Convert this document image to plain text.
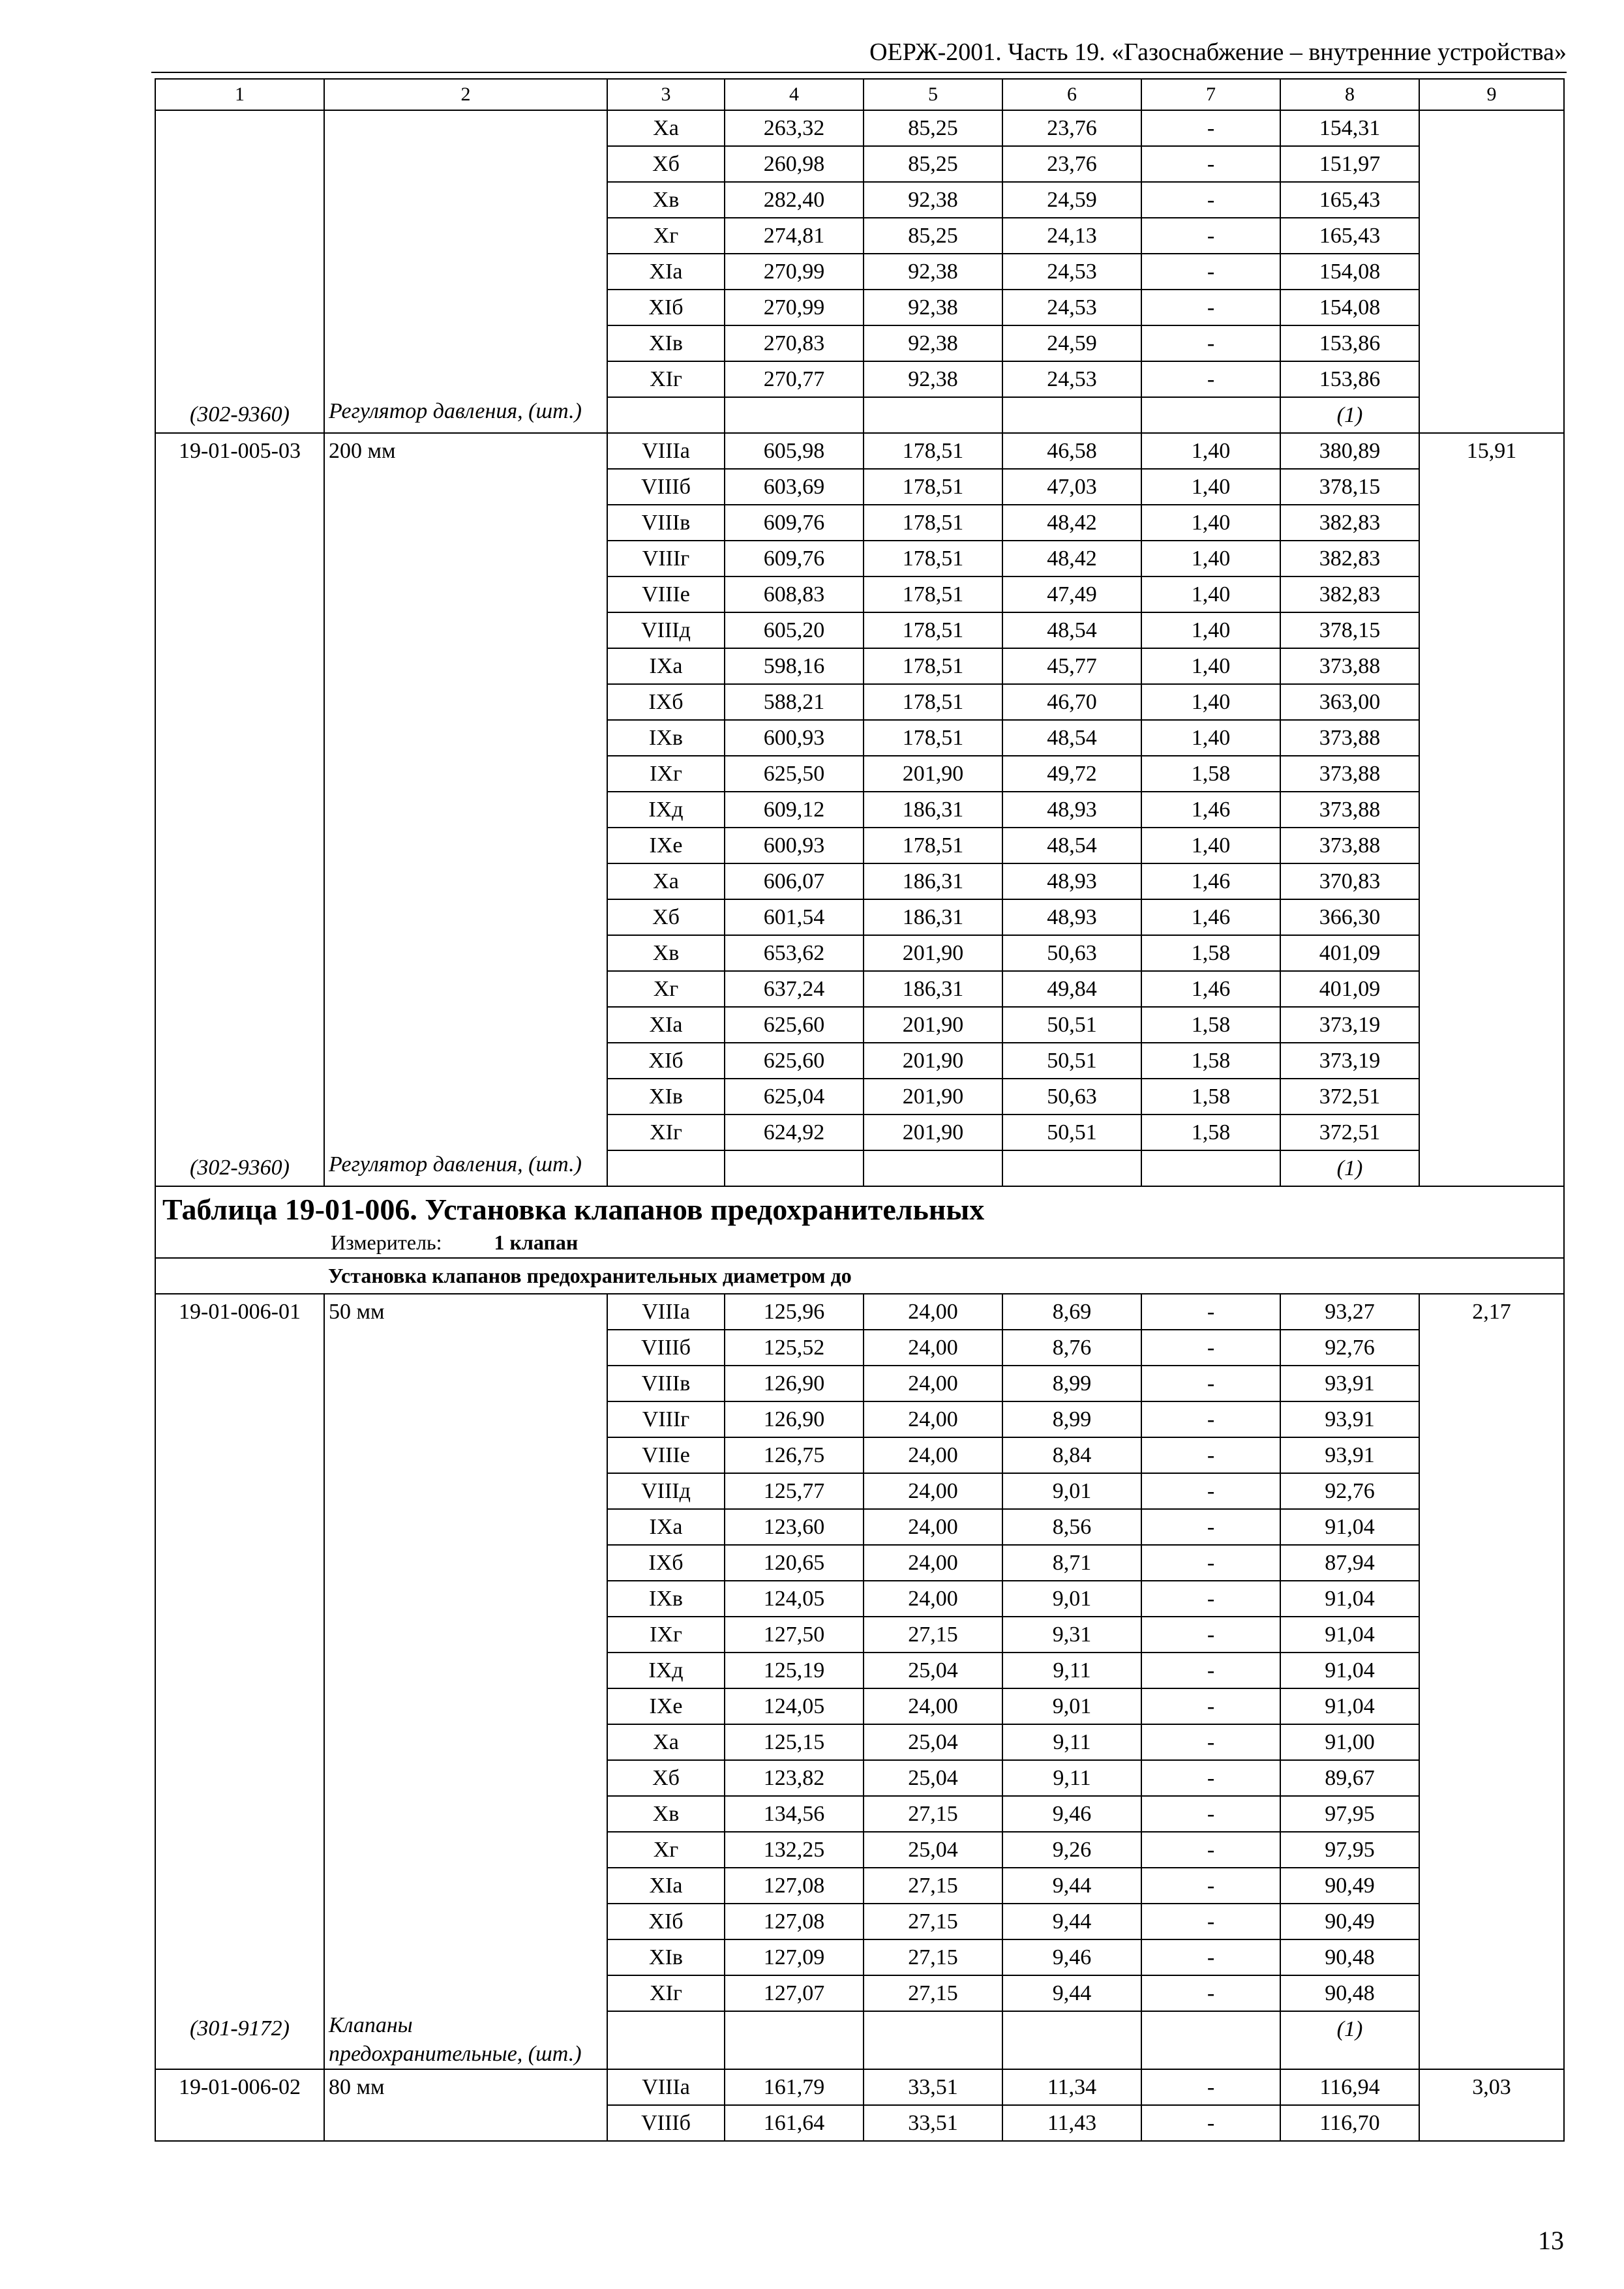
ОЕРЖ-2001. Часть 19. «Газоснабжение – внутренние устройства»
1	2	3	4	5	6	7	8	9
		Xa	263,32	85,25	23,76	-	154,31	
		Xб	260,98	85,25	23,76	-	151,97	
		Xв	282,40	92,38	24,59	-	165,43	
		Xг	274,81	85,25	24,13	-	165,43	
		XIa	270,99	92,38	24,53	-	154,08	
		XIб	270,99	92,38	24,53	-	154,08	
		XIв	270,83	92,38	24,59	-	153,86	
		XIг	270,77	92,38	24,53	-	153,86	
(302-9360)	Регулятор давления, (шт.)						(1)	
19-01-005-03	200 мм	VIIIa	605,98	178,51	46,58	1,40	380,89	15,91
		VIIIб	603,69	178,51	47,03	1,40	378,15	
		VIIIв	609,76	178,51	48,42	1,40	382,83	
		VIIIг	609,76	178,51	48,42	1,40	382,83	
		VIIIe	608,83	178,51	47,49	1,40	382,83	
		VIIIд	605,20	178,51	48,54	1,40	378,15	
		IXa	598,16	178,51	45,77	1,40	373,88	
		IXб	588,21	178,51	46,70	1,40	363,00	
		IXв	600,93	178,51	48,54	1,40	373,88	
		IXг	625,50	201,90	49,72	1,58	373,88	
		IXд	609,12	186,31	48,93	1,46	373,88	
		IXe	600,93	178,51	48,54	1,40	373,88	
		Xa	606,07	186,31	48,93	1,46	370,83	
		Xб	601,54	186,31	48,93	1,46	366,30	
		Xв	653,62	201,90	50,63	1,58	401,09	
		Xг	637,24	186,31	49,84	1,46	401,09	
		XIa	625,60	201,90	50,51	1,58	373,19	
		XIб	625,60	201,90	50,51	1,58	373,19	
		XIв	625,04	201,90	50,63	1,58	372,51	
		XIг	624,92	201,90	50,51	1,58	372,51	
(302-9360)	Регулятор давления, (шт.)						(1)	

Таблица 19-01-006. Установка клапанов предохранительных
Измеритель: 1 клапан								

Установка клапанов предохранительных диаметром до								
19-01-006-01	50 мм	VIIIa	125,96	24,00	8,69	-	93,27	2,17
		VIIIб	125,52	24,00	8,76	-	92,76	
		VIIIв	126,90	24,00	8,99	-	93,91	
		VIIIг	126,90	24,00	8,99	-	93,91	
		VIIIe	126,75	24,00	8,84	-	93,91	
		VIIIд	125,77	24,00	9,01	-	92,76	
		IXa	123,60	24,00	8,56	-	91,04	
		IXб	120,65	24,00	8,71	-	87,94	
		IXв	124,05	24,00	9,01	-	91,04	
		IXг	127,50	27,15	9,31	-	91,04	
		IXд	125,19	25,04	9,11	-	91,04	
		IXe	124,05	24,00	9,01	-	91,04	
		Xa	125,15	25,04	9,11	-	91,00	
		Xб	123,82	25,04	9,11	-	89,67	
		Xв	134,56	27,15	9,46	-	97,95	
		Xг	132,25	25,04	9,26	-	97,95	
		XIa	127,08	27,15	9,44	-	90,49	
		XIб	127,08	27,15	9,44	-	90,49	
		XIв	127,09	27,15	9,46	-	90,48	
		XIг	127,07	27,15	9,44	-	90,48	
(301-9172)	Клапаны предохранительные, (шт.)						(1)	
19-01-006-02	80 мм	VIIIa	161,79	33,51	11,34	-	116,94	3,03
		VIIIб	161,64	33,51	11,43	-	116,70	
13
